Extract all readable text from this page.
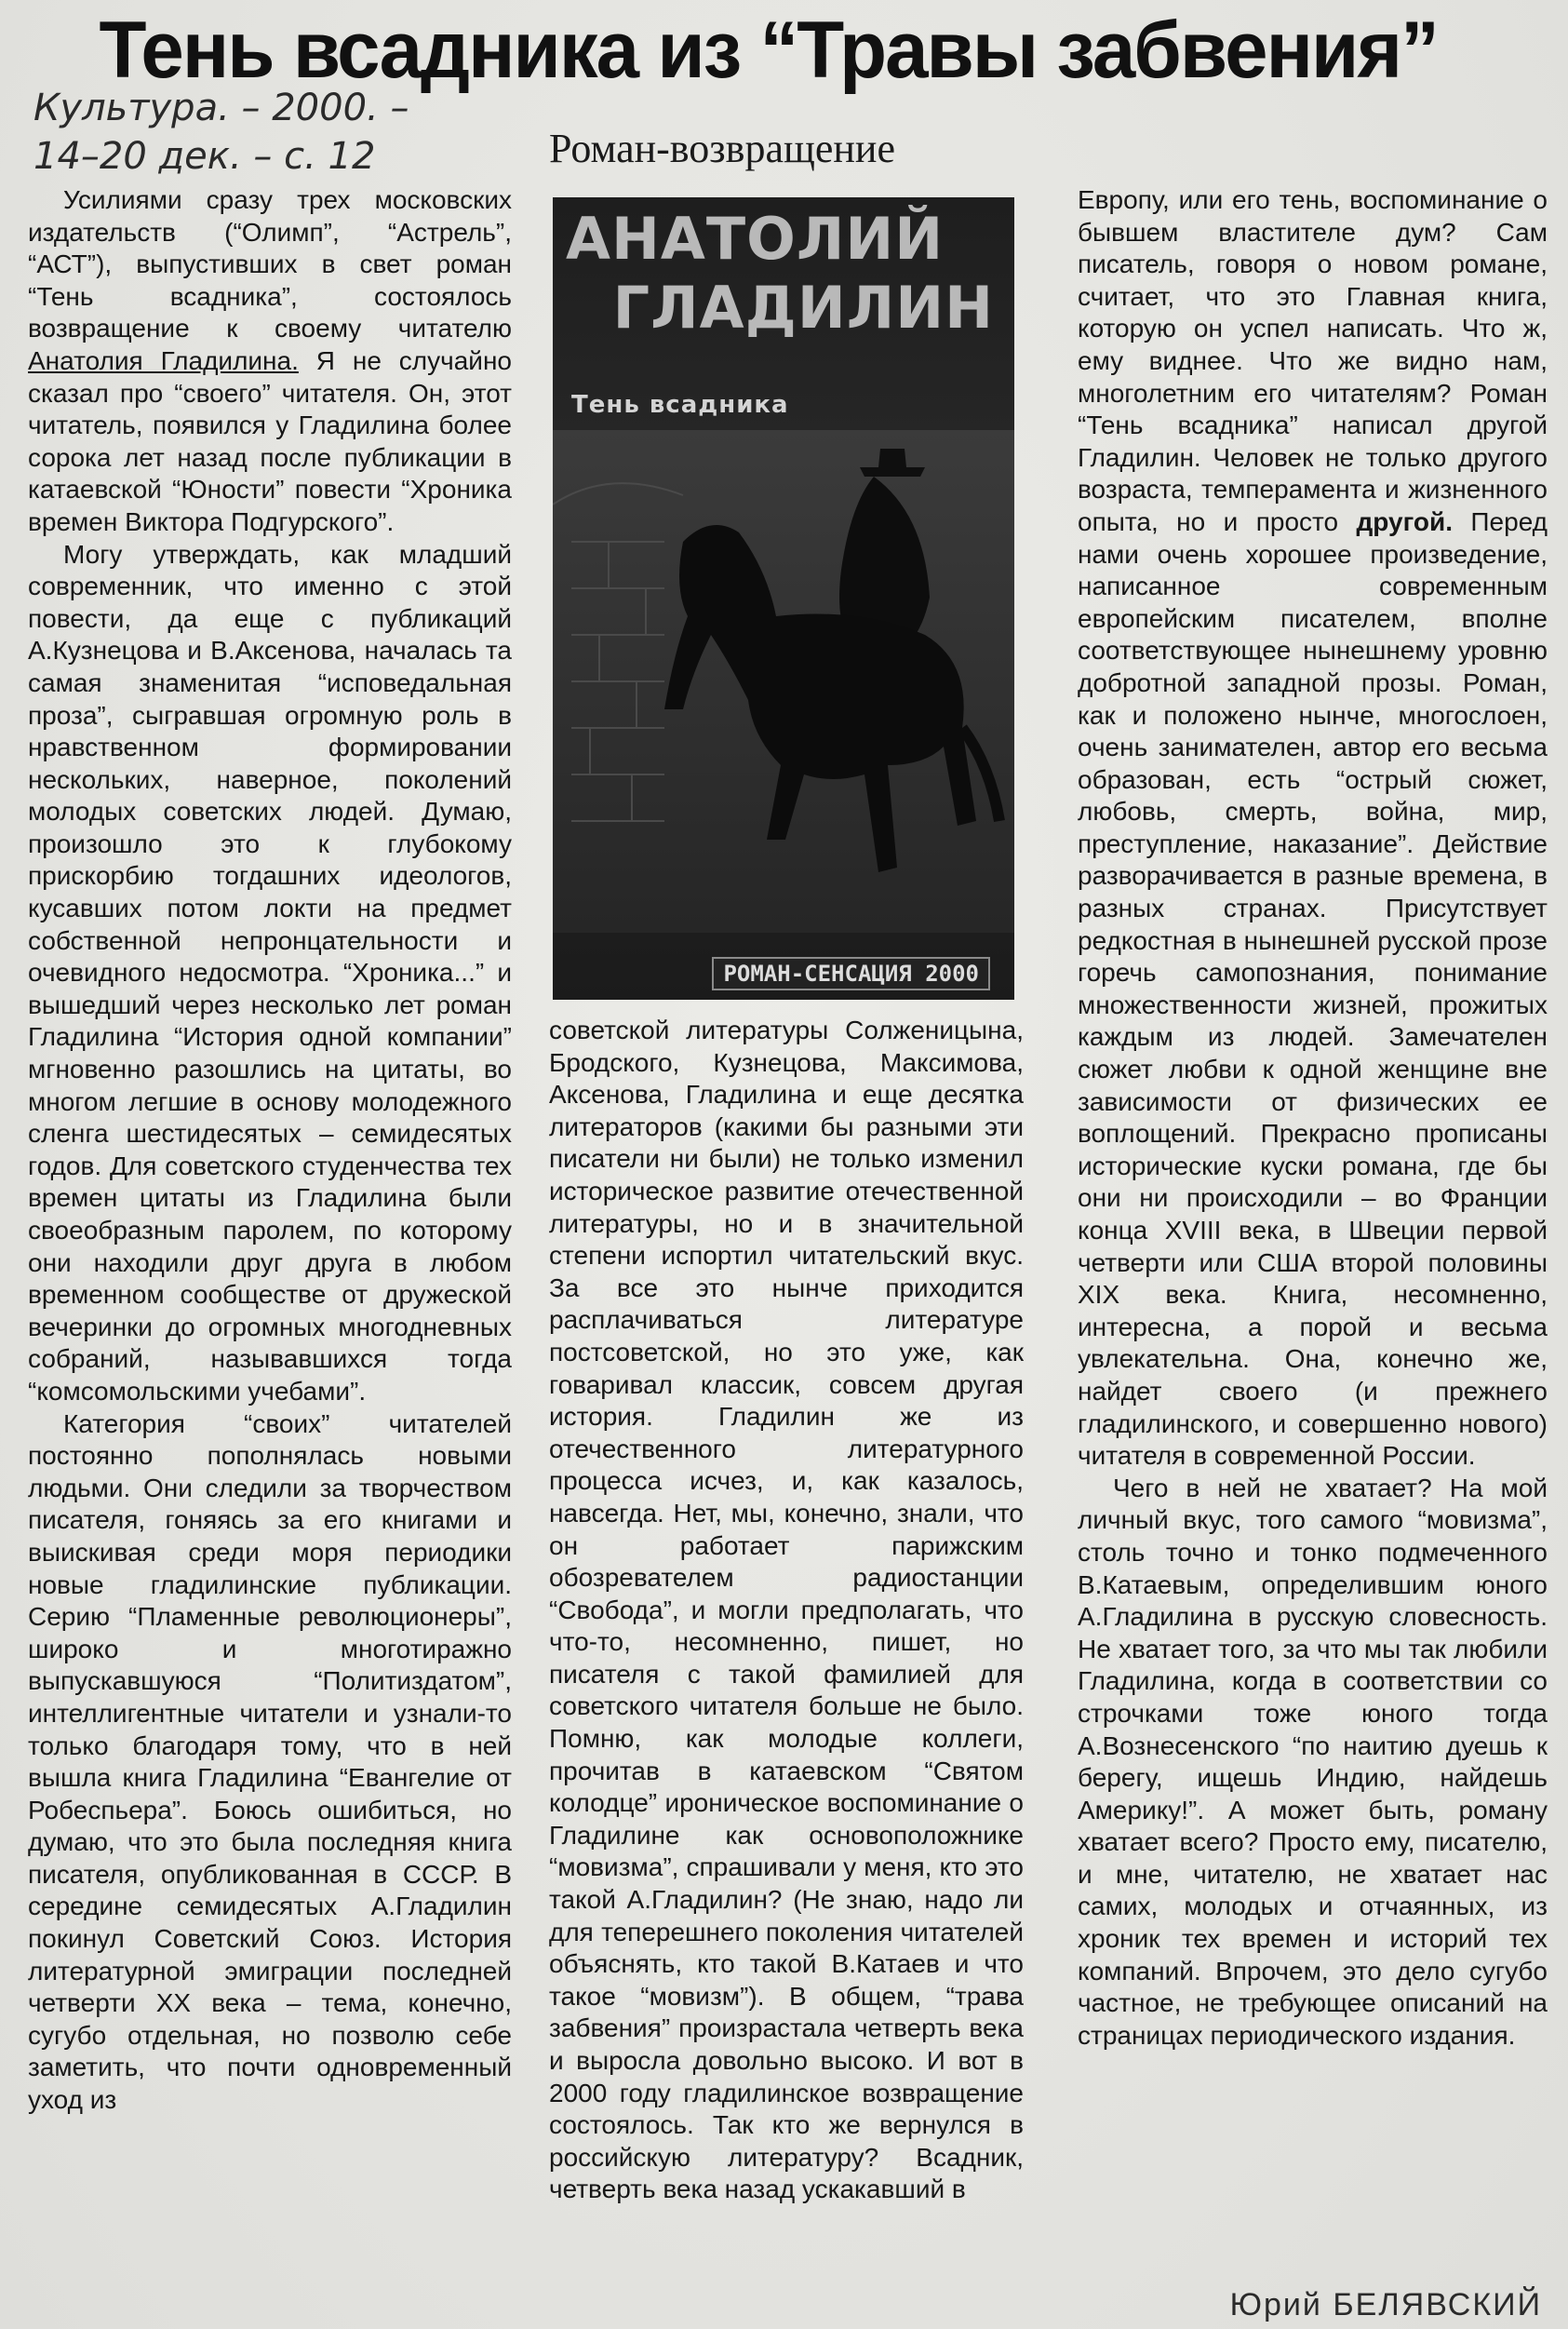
Тень всадника из “Травы забвения”
Культура. – 2000. –
14–20 дек. – с. 12	Роман-возвращение

Усилиями сразу трех московских издательств (“Олимп”, “Астрель”, “АСТ”), выпустивших в свет роман “Тень всадника”, состоялось возвращение к своему читателю Анатолия Гладилина. Я не случайно сказал про “своего” читателя. Он, этот читатель, появился у Гладилина более сорока лет назад после публикации в катаевской “Юности” повести “Хроника времен Виктора Подгурского”.

Могу утверждать, как младший современник, что именно с этой повести, да еще с публикаций А.Кузнецова и В.Аксенова, началась та самая знаменитая “исповедальная проза”, сыгравшая огромную роль в нравственном формировании нескольких, наверное, поколений молодых советских людей. Думаю, произошло это к глубокому прискорбию тогдашних идеологов, кусавших потом локти на предмет собственной непронцательности и очевидного недосмотра. “Хроника...” и вышедший через несколько лет роман Гладилина “История одной компании” мгновенно разошлись на цитаты, во многом легшие в основу молодежного сленга шестидесятых – семидесятых годов. Для советского студенчества тех времен цитаты из Гладилина были своеобразным паролем, по которому они находили друг друга в любом временном сообществе от дружеской вечеринки до огромных многодневных собраний, называвшихся тогда “комсомольскими учебами”.

Категория “своих” читателей постоянно пополнялась новыми людьми. Они следили за творчеством писателя, гоняясь за его книгами и выискивая среди моря периодики новые гладилинские публикации. Серию “Пламенные революционеры”, широко и многотиражно выпускавшуюся “Политиздатом”, интеллигентные читатели и узнали-то только благодаря тому, что в ней вышла книга Гладилина “Евангелие от Робеспьера”. Боюсь ошибиться, но думаю, что это была последняя книга писателя, опубликованная в СССР. В середине семидесятых А.Гладилин покинул Советский Союз. История литературной эмиграции последней четверти XX века – тема, конечно, сугубо отдельная, но позволю себе заметить, что почти одновременный уход из

АНАТОЛИЙ
ГЛАДИЛИН
Тень всадника
РОМАН-СЕНСАЦИЯ 2000

советской литературы Солженицына, Бродского, Кузнецова, Максимова, Аксенова, Гладилина и еще десятка литераторов (какими бы разными эти писатели ни были) не только изменил историческое развитие отечественной литературы, но и в значительной степени испортил читательский вкус. За все это нынче приходится расплачиваться литературе постсоветской, но это уже, как говаривал классик, совсем другая история. Гладилин же из отечественного литературного процесса исчез, и, как казалось, навсегда. Нет, мы, конечно, знали, что он работает парижским обозревателем радиостанции “Свобода”, и могли предполагать, что что-то, несомненно, пишет, но писателя с такой фамилией для советского читателя больше не было. Помню, как молодые коллеги, прочитав в катаевском “Святом колодце” ироническое воспоминание о Гладилине как основоположнике “мовизма”, спрашивали у меня, кто это такой А.Гладилин? (Не знаю, надо ли для теперешнего поколения читателей объяснять, кто такой В.Катаев и что такое “мовизм”). В общем, “трава забвения” произрастала четверть века и выросла довольно высоко. И вот в 2000 году гладилинское возвращение состоялось. Так кто же вернулся в российскую литературу? Всадник, четверть века назад ускакавший в

Европу, или его тень, воспоминание о бывшем властителе дум? Сам писатель, говоря о новом романе, считает, что это Главная книга, которую он успел написать. Что ж, ему виднее. Что же видно нам, многолетним его читателям? Роман “Тень всадника” написал другой Гладилин. Человек не только другого возраста, темперамента и жизненного опыта, но и просто другой. Перед нами очень хорошее произведение, написанное современным европейским писателем, вполне соответствующее нынешнему уровню добротной западной прозы. Роман, как и положено нынче, многослоен, очень занимателен, автор его весьма образован, есть “острый сюжет, любовь, смерть, война, мир, преступление, наказание”. Действие разворачивается в разные времена, в разных странах. Присутствует редкостная в нынешней русской прозе горечь самопознания, понимание множественности жизней, прожитых каждым из людей. Замечателен сюжет любви к одной женщине вне зависимости от физических ее воплощений. Прекрасно прописаны исторические куски романа, где бы они ни происходили – во Франции конца XVIII века, в Швеции первой четверти или США второй половины XIX века. Книга, несомненно, интересна, а порой и весьма увлекательна. Она, конечно же, найдет своего (и прежнего гладилинского, и совершенно нового) читателя в современной России.

Чего в ней не хватает? На мой личный вкус, того самого “мовизма”, столь точно и тонко подмеченного В.Катаевым, определившим юного А.Гладилина в русскую словесность. Не хватает того, за что мы так любили Гладилина, когда в соответствии со строчками тоже юного тогда А.Вознесенского “по наитию дуешь к берегу, ищешь Индию, найдешь Америку!”. А может быть, роману хватает всего? Просто ему, писателю, и мне, читателю, не хватает нас самих, молодых и отчаянных, из хроник тех времен и историй тех компаний. Впрочем, это дело сугубо частное, не требующее описаний на страницах периодического издания.

Юрий БЕЛЯВСКИЙ
